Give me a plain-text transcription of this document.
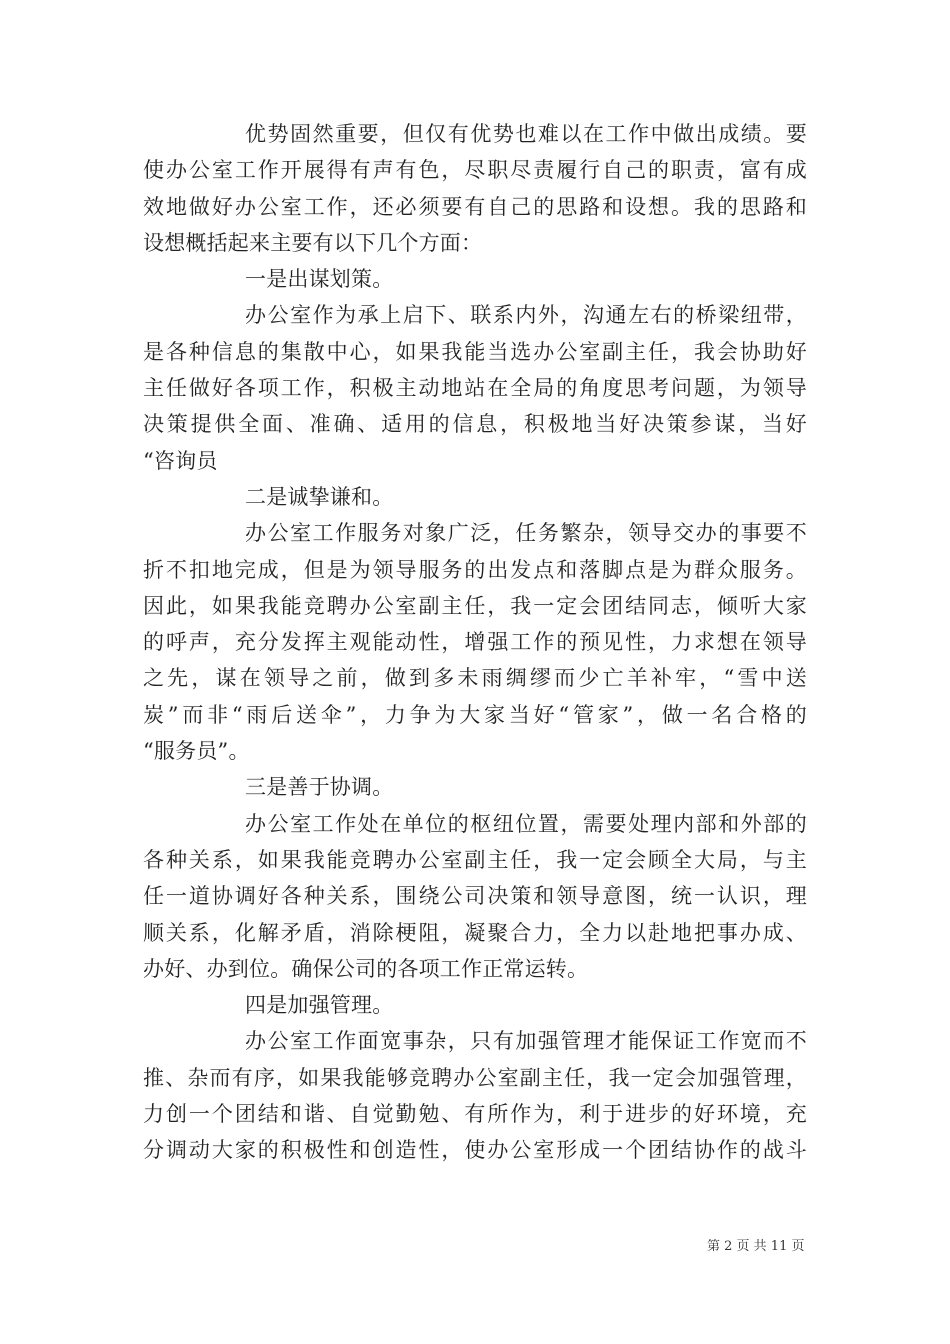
优势固然重要，但仅有优势也难以在工作中做出成绩。要
使办公室工作开展得有声有色，尽职尽责履行自己的职责，富有成
效地做好办公室工作，还必须要有自己的思路和设想。我的思路和
设想概括起来主要有以下几个方面：
一是出谋划策。
办公室作为承上启下、联系内外，沟通左右的桥梁纽带，
是各种信息的集散中心，如果我能当选办公室副主任，我会协助好
主任做好各项工作，积极主动地站在全局的角度思考问题，为领导
决策提供全面、准确、适用的信息，积极地当好决策参谋，当好
“咨询员
二是诚挚谦和。
办公室工作服务对象广泛，任务繁杂，领导交办的事要不
折不扣地完成，但是为领导服务的出发点和落脚点是为群众服务。
因此，如果我能竞聘办公室副主任，我一定会团结同志，倾听大家
的呼声，充分发挥主观能动性，增强工作的预见性，力求想在领导
之先，谋在领导之前，做到多未雨绸缪而少亡羊补牢，“雪中送
炭”而非“雨后送伞”，力争为大家当好“管家”，做一名合格的
“服务员”。
三是善于协调。
办公室工作处在单位的枢纽位置，需要处理内部和外部的
各种关系，如果我能竞聘办公室副主任，我一定会顾全大局，与主
任一道协调好各种关系，围绕公司决策和领导意图，统一认识，理
顺关系，化解矛盾，消除梗阻，凝聚合力，全力以赴地把事办成、
办好、办到位。确保公司的各项工作正常运转。
四是加强管理。
办公室工作面宽事杂，只有加强管理才能保证工作宽而不
推、杂而有序，如果我能够竞聘办公室副主任，我一定会加强管理，
力创一个团结和谐、自觉勤勉、有所作为，利于进步的好环境，充
分调动大家的积极性和创造性，使办公室形成一个团结协作的战斗
第 2 页 共 11 页
